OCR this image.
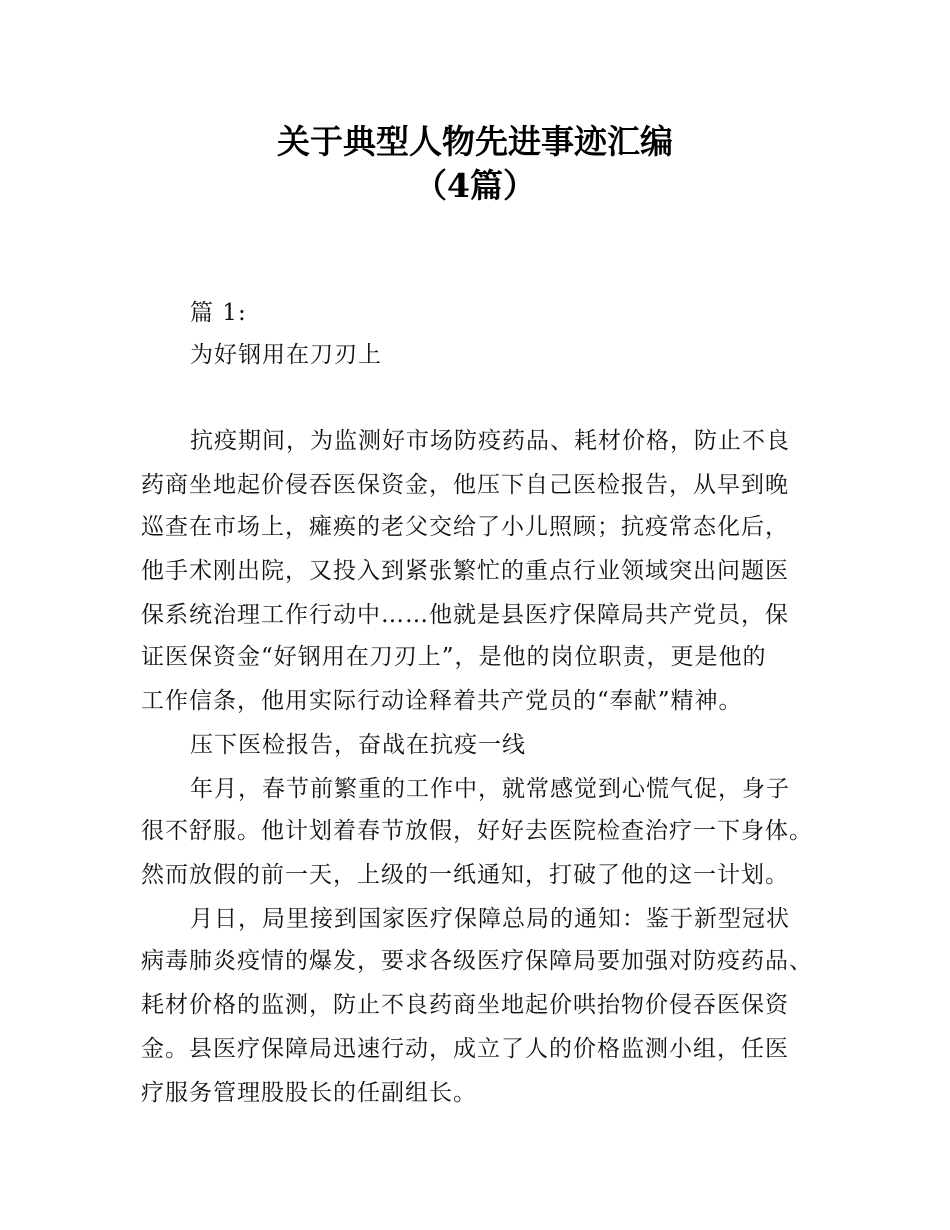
关于典型人物先进事迹汇编
（4篇）
篇 1:
为好钢用在刀刃上
抗疫期间，为监测好市场防疫药品、耗材价格，防止不良
药商坐地起价侵吞医保资金，他压下自己医检报告，从早到晚
巡查在市场上，瘫痪的老父交给了小儿照顾；抗疫常态化后，
他手术刚出院，又投入到紧张繁忙的重点行业领域突出问题医
保系统治理工作行动中……他就是县医疗保障局共产党员，保
证医保资金“好钢用在刀刃上”，是他的岗位职责，更是他的
工作信条，他用实际行动诠释着共产党员的“奉献”精神。
压下医检报告，奋战在抗疫一线
年月，春节前繁重的工作中，就常感觉到心慌气促，身子
很不舒服。他计划着春节放假，好好去医院检查治疗一下身体。
然而放假的前一天，上级的一纸通知，打破了他的这一计划。
月日，局里接到国家医疗保障总局的通知：鉴于新型冠状
病毒肺炎疫情的爆发，要求各级医疗保障局要加强对防疫药品、
耗材价格的监测，防止不良药商坐地起价哄抬物价侵吞医保资
金。县医疗保障局迅速行动，成立了人的价格监测小组，任医
疗服务管理股股长的任副组长。
